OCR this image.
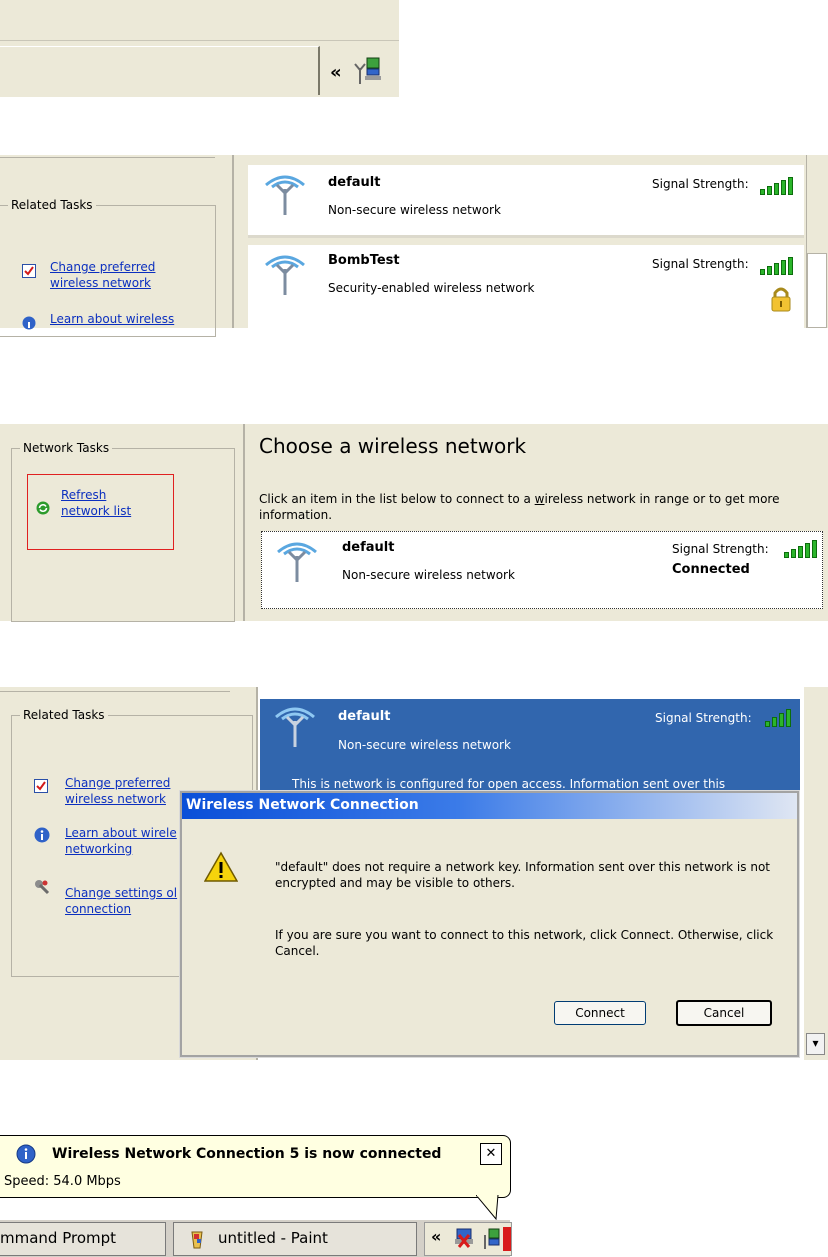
«
Related Tasks
Change preferred wireless network
Learn about wireless
default
Non-secure wireless network
Signal Strength:
BombTest
Security-enabled wireless network
Signal Strength:
Network Tasks
Refresh network list
Choose a wireless network
Click an item in the list below to connect to a wireless network in range or to get more information.
default
Non-secure wireless network
Signal Strength:
Connected
Related Tasks
Change preferred wireless network
Learn about wirele networking
Change settings ol connection
default
Non-secure wireless network
Signal Strength:
This is network is configured for open access. Information sent over this
▾
Wireless Network Connection
"default" does not require a network key. Information sent over this network is not encrypted and may be visible to others.
If you are sure you want to connect to this network, click Connect. Otherwise, click Cancel.
Connect	Cancel
Wireless Network Connection 5 is now connected	✕
Speed: 54.0 Mbps
mmand Prompt	untitled - Paint	«
